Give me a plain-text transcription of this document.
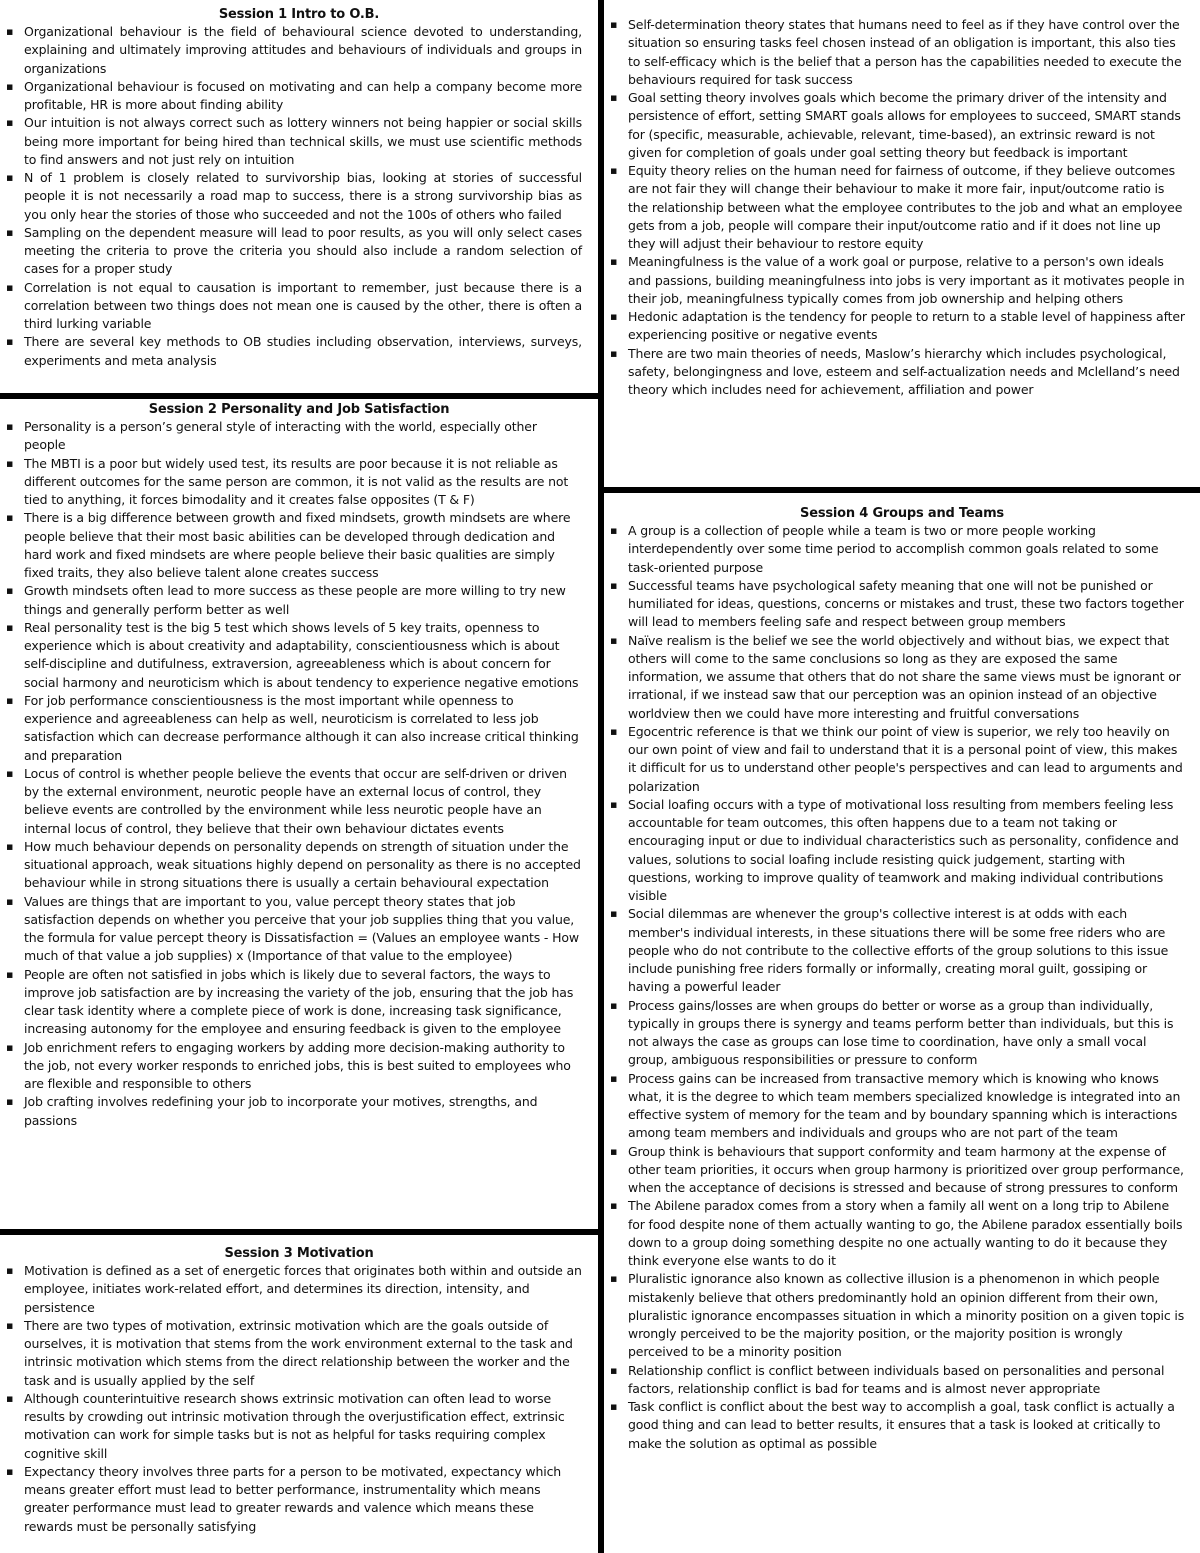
Session 1 Intro to O.B.
▪ Organizational behaviour is the field of behavioural science devoted to understanding, explaining and ultimately improving attitudes and behaviours of individuals and groups in organizations
▪ Organizational behaviour is focused on motivating and can help a company become more profitable, HR is more about finding ability
▪ Our intuition is not always correct such as lottery winners not being happier or social skills being more important for being hired than technical skills, we must use scientific methods to find answers and not just rely on intuition
▪ N of 1 problem is closely related to survivorship bias, looking at stories of successful people it is not necessarily a road map to success, there is a strong survivorship bias as you only hear the stories of those who succeeded and not the 100s of others who failed
▪ Sampling on the dependent measure will lead to poor results, as you will only select cases meeting the criteria to prove the criteria you should also include a random selection of cases for a proper study
▪ Correlation is not equal to causation is important to remember, just because there is a correlation between two things does not mean one is caused by the other, there is often a third lurking variable
▪ There are several key methods to OB studies including observation, interviews, surveys, experiments and meta analysis
Session 2 Personality and Job Satisfaction
▪ Personality is a person’s general style of interacting with the world, especially other people
▪ The MBTI is a poor but widely used test, its results are poor because it is not reliable as different outcomes for the same person are common, it is not valid as the results are not tied to anything, it forces bimodality and it creates false opposites (T & F)
▪ There is a big difference between growth and fixed mindsets, growth mindsets are where people believe that their most basic abilities can be developed through dedication and hard work and fixed mindsets are where people believe their basic qualities are simply fixed traits, they also believe talent alone creates success
▪ Growth mindsets often lead to more success as these people are more willing to try new things and generally perform better as well
▪ Real personality test is the big 5 test which shows levels of 5 key traits, openness to experience which is about creativity and adaptability, conscientiousness which is about self-discipline and dutifulness, extraversion, agreeableness which is about concern for social harmony and neuroticism which is about tendency to experience negative emotions
▪ For job performance conscientiousness is the most important while openness to experience and agreeableness can help as well, neuroticism is correlated to less job satisfaction which can decrease performance although it can also increase critical thinking and preparation
▪ Locus of control is whether people believe the events that occur are self-driven or driven by the external environment, neurotic people have an external locus of control, they believe events are controlled by the environment while less neurotic people have an internal locus of control, they believe that their own behaviour dictates events
▪ How much behaviour depends on personality depends on strength of situation under the situational approach, weak situations highly depend on personality as there is no accepted behaviour while in strong situations there is usually a certain behavioural expectation
▪ Values are things that are important to you, value percept theory states that job satisfaction depends on whether you perceive that your job supplies thing that you value, the formula for value percept theory is Dissatisfaction = (Values an employee wants - How much of that value a job supplies) x (Importance of that value to the employee)
▪ People are often not satisfied in jobs which is likely due to several factors, the ways to improve job satisfaction are by increasing the variety of the job, ensuring that the job has clear task identity where a complete piece of work is done, increasing task significance, increasing autonomy for the employee and ensuring feedback is given to the employee
▪ Job enrichment refers to engaging workers by adding more decision-making authority to the job, not every worker responds to enriched jobs, this is best suited to employees who are flexible and responsible to others
▪ Job crafting involves redefining your job to incorporate your motives, strengths, and passions
Session 3 Motivation
▪ Motivation is defined as a set of energetic forces that originates both within and outside an employee, initiates work-related effort, and determines its direction, intensity, and persistence
▪ There are two types of motivation, extrinsic motivation which are the goals outside of ourselves, it is motivation that stems from the work environment external to the task and intrinsic motivation which stems from the direct relationship between the worker and the task and is usually applied by the self
▪ Although counterintuitive research shows extrinsic motivation can often lead to worse results by crowding out intrinsic motivation through the overjustification effect, extrinsic motivation can work for simple tasks but is not as helpful for tasks requiring complex cognitive skill
▪ Expectancy theory involves three parts for a person to be motivated, expectancy which means greater effort must lead to better performance, instrumentality which means greater performance must lead to greater rewards and valence which means these rewards must be personally satisfying
▪ Self-determination theory states that humans need to feel as if they have control over the situation so ensuring tasks feel chosen instead of an obligation is important, this also ties to self-efficacy which is the belief that a person has the capabilities needed to execute the behaviours required for task success
▪ Goal setting theory involves goals which become the primary driver of the intensity and persistence of effort, setting SMART goals allows for employees to succeed, SMART stands for (specific, measurable, achievable, relevant, time-based), an extrinsic reward is not given for completion of goals under goal setting theory but feedback is important
▪ Equity theory relies on the human need for fairness of outcome, if they believe outcomes are not fair they will change their behaviour to make it more fair, input/outcome ratio is the relationship between what the employee contributes to the job and what an employee gets from a job, people will compare their input/outcome ratio and if it does not line up they will adjust their behaviour to restore equity
▪ Meaningfulness is the value of a work goal or purpose, relative to a person's own ideals and passions, building meaningfulness into jobs is very important as it motivates people in their job, meaningfulness typically comes from job ownership and helping others
▪ Hedonic adaptation is the tendency for people to return to a stable level of happiness after experiencing positive or negative events
▪ There are two main theories of needs, Maslow’s hierarchy which includes psychological, safety, belongingness and love, esteem and self-actualization needs and Mclelland’s need theory which includes need for achievement, affiliation and power
Session 4 Groups and Teams
▪ A group is a collection of people while a team is two or more people working interdependently over some time period to accomplish common goals related to some task-oriented purpose
▪ Successful teams have psychological safety meaning that one will not be punished or humiliated for ideas, questions, concerns or mistakes and trust, these two factors together will lead to members feeling safe and respect between group members
▪ Naïve realism is the belief we see the world objectively and without bias, we expect that others will come to the same conclusions so long as they are exposed the same information, we assume that others that do not share the same views must be ignorant or irrational, if we instead saw that our perception was an opinion instead of an objective worldview then we could have more interesting and fruitful conversations
▪ Egocentric reference is that we think our point of view is superior, we rely too heavily on our own point of view and fail to understand that it is a personal point of view, this makes it difficult for us to understand other people's perspectives and can lead to arguments and polarization
▪ Social loafing occurs with a type of motivational loss resulting from members feeling less accountable for team outcomes, this often happens due to a team not taking or encouraging input or due to individual characteristics such as personality, confidence and values, solutions to social loafing include resisting quick judgement, starting with questions, working to improve quality of teamwork and making individual contributions visible
▪ Social dilemmas are whenever the group's collective interest is at odds with each member's individual interests, in these situations there will be some free riders who are people who do not contribute to the collective efforts of the group solutions to this issue include punishing free riders formally or informally, creating moral guilt, gossiping or having a powerful leader
▪ Process gains/losses are when groups do better or worse as a group than individually, typically in groups there is synergy and teams perform better than individuals, but this is not always the case as groups can lose time to coordination, have only a small vocal group, ambiguous responsibilities or pressure to conform
▪ Process gains can be increased from transactive memory which is knowing who knows what, it is the degree to which team members specialized knowledge is integrated into an effective system of memory for the team and by boundary spanning which is interactions among team members and individuals and groups who are not part of the team
▪ Group think is behaviours that support conformity and team harmony at the expense of other team priorities, it occurs when group harmony is prioritized over group performance, when the acceptance of decisions is stressed and because of strong pressures to conform
▪ The Abilene paradox comes from a story when a family all went on a long trip to Abilene for food despite none of them actually wanting to go, the Abilene paradox essentially boils down to a group doing something despite no one actually wanting to do it because they think everyone else wants to do it
▪ Pluralistic ignorance also known as collective illusion is a phenomenon in which people mistakenly believe that others predominantly hold an opinion different from their own, pluralistic ignorance encompasses situation in which a minority position on a given topic is wrongly perceived to be the majority position, or the majority position is wrongly perceived to be a minority position
▪ Relationship conflict is conflict between individuals based on personalities and personal factors, relationship conflict is bad for teams and is almost never appropriate
▪ Task conflict is conflict about the best way to accomplish a goal, task conflict is actually a good thing and can lead to better results, it ensures that a task is looked at critically to make the solution as optimal as possible
